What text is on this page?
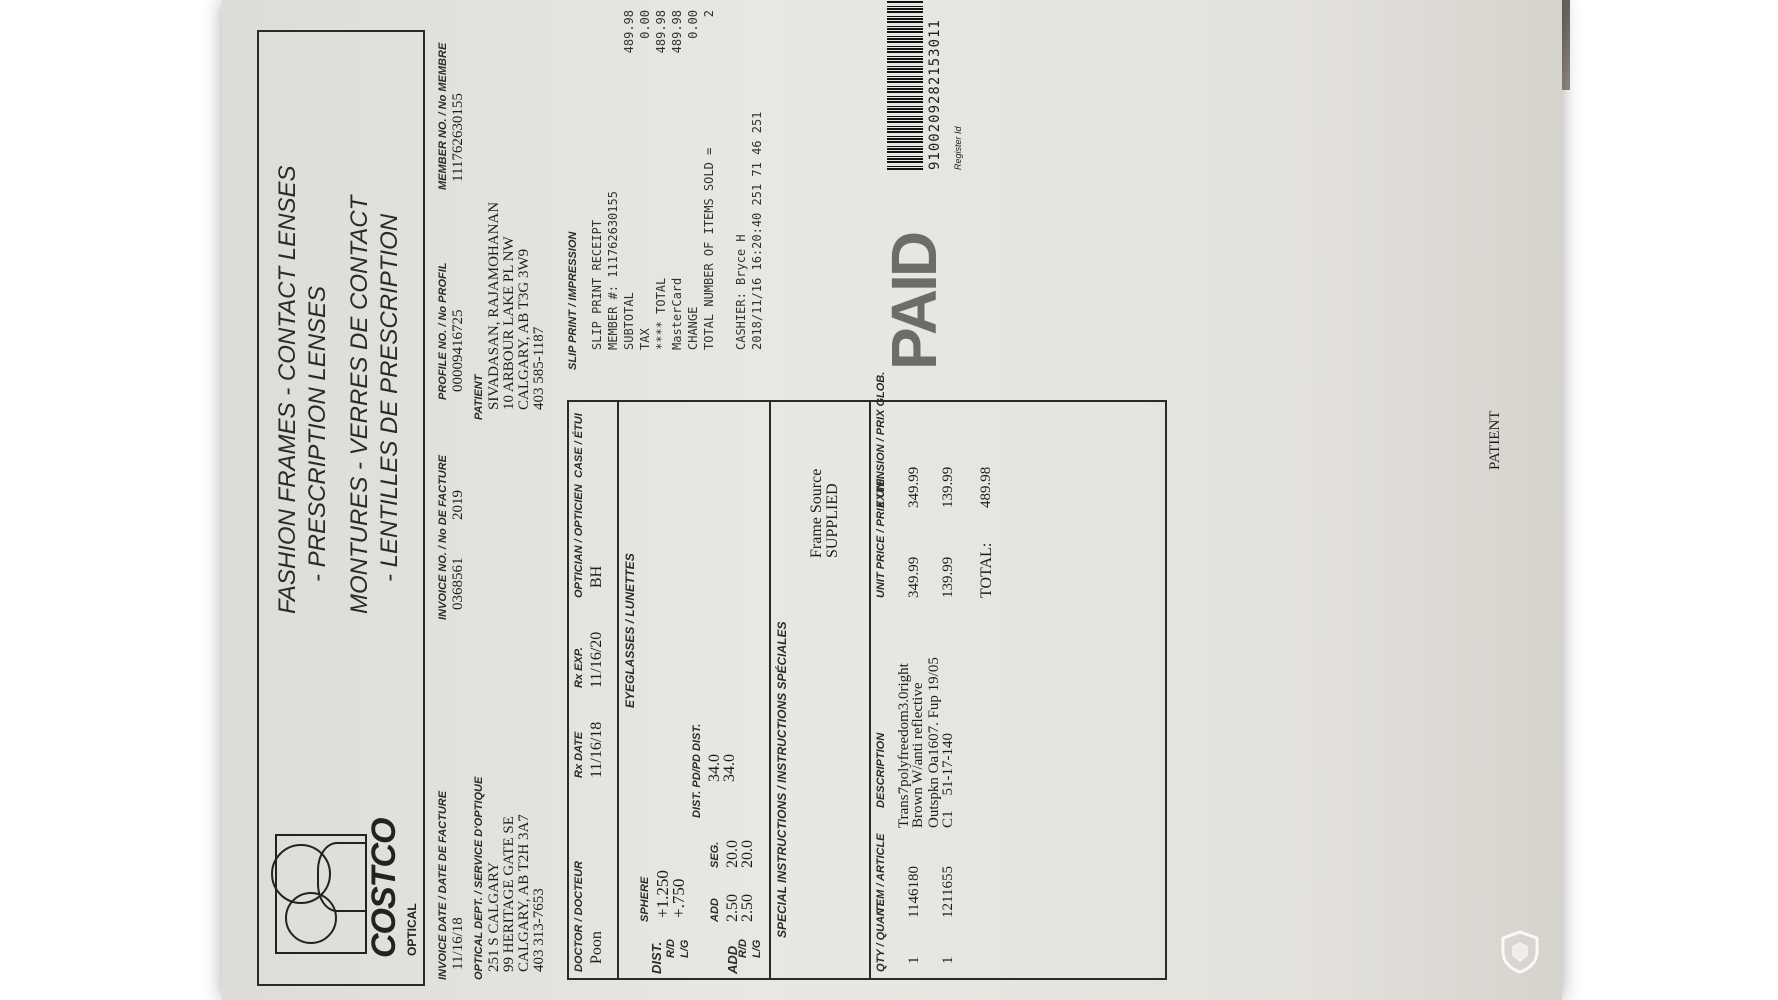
COSTCO OPTICAL
FASHION FRAMES - CONTACT LENSES - PRESCRIPTION LENSES MONTURES - VERRES DE CONTACT - LENTILLES DE PRESCRIPTION
INVOICE DATE / DATE DE FACTURE 11/16/18
INVOICE NO. / No DE FACTURE 0368561
2019
PROFILE NO. / No PROFIL 00009416725
MEMBER NO. / No MEMBRE 111762630155
OPTICAL DEPT. / SERVICE D'OPTIQUE 251 S CALGARY 99 HERITAGE GATE SE CALGARY, AB T2H 3A7 403 313-7653
PATIENT SIVADASAN, RAJAMOHANAN 10 ARBOUR LAKE PL NW CALGARY, AB T3G 3W9 403 585-1187
DOCTOR / DOCTEUR Poon
Rx DATE 11/16/18
Rx EXP. 11/16/20
OPTICIAN / OPTICIEN BH
CASE / ÉTUI
EYEGLASSES / LUNETTES
DIST. R/D L/G
SPHERE +1.250
+.750
ADD
R/D L/G
ADD 2.50
2.50
SEG. 20.0
20.0
DIST. PD/PD DIST. 34.0
34.0	SPECIAL INSTRUCTIONS / INSTRUCTIONS SPÉCIALES
Frame Source SUPPLIED
QTY / QUANT.
ITEM / ARTICLE
DESCRIPTION
UNIT PRICE / PRIX UNI.
EXTENSION / PRIX GLOB.
1
1146180
Trans7polyfreedom3.0right
Brown W/anti reflective
349.99
349.99
1
1211655
Outspkn Oa1607. Fup 19/05
C1    51-17-140
139.99
139.99
TOTAL:
489.98
SLIP PRINT / IMPRESSION SLIP PRINT RECEIPT MEMBER #: 111762630155 SUBTOTAL
489.98
TAX
0.00
**** TOTAL
489.98
MasterCard
489.98
CHANGE
0.00
TOTAL NUMBER OF ITEMS SOLD =
2

CASHIER: Bryce H 2018/11/16 16:20:40 251 71 46 251 PAID
Register Id
9100209282153011
PATIENT
